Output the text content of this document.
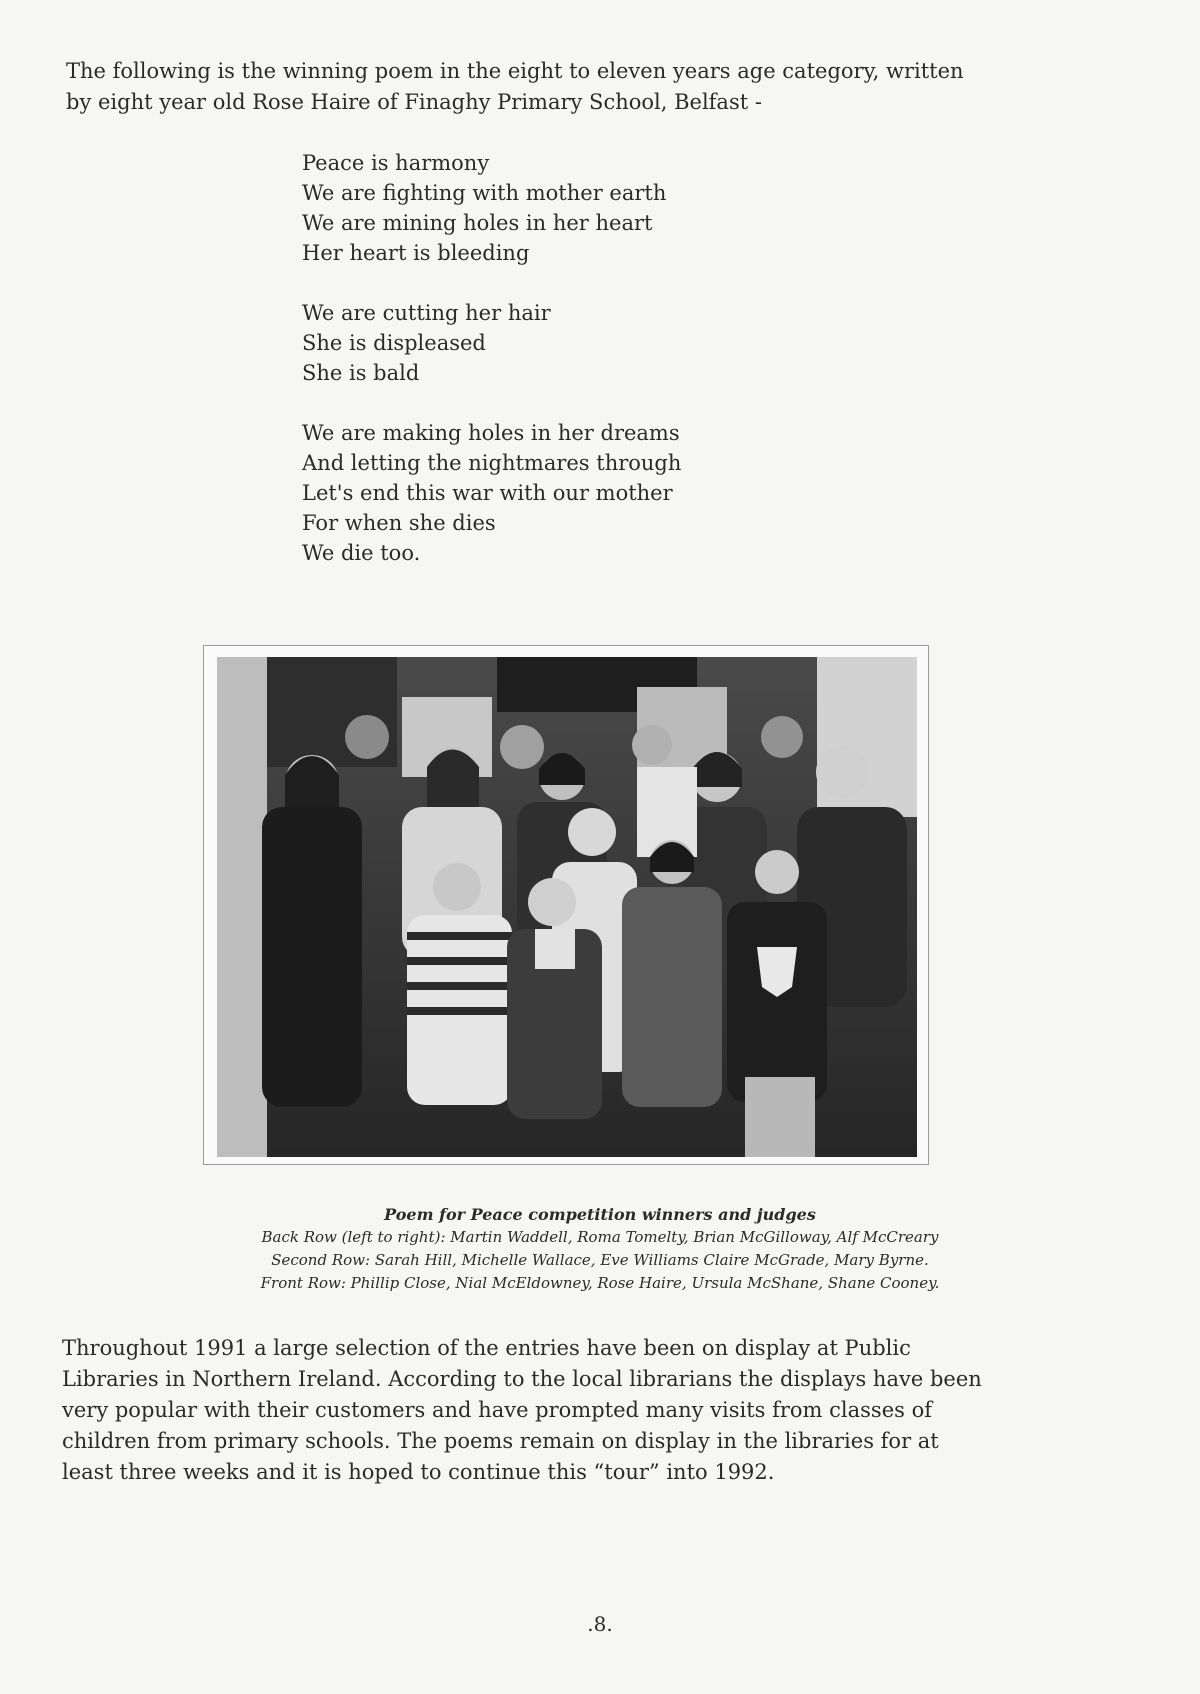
The following is the winning poem in the eight to eleven years age category, written
by eight year old Rose Haire of Finaghy Primary School, Belfast -

Peace is harmony
We are fighting with mother earth
We are mining holes in her heart
Her heart is bleeding
We are cutting her hair
She is displeased
She is bald
We are making holes in her dreams
And letting the nightmares through
Let's end this war with our mother
For when she dies
We die too.
Poem for Peace competition winners and judges
Back Row (left to right): Martin Waddell, Roma Tomelty, Brian McGilloway, Alf McCreary
Second Row: Sarah Hill, Michelle Wallace, Eve Williams Claire McGrade, Mary Byrne.
Front Row: Phillip Close, Nial McEldowney, Rose Haire, Ursula McShane, Shane Cooney.

Throughout 1991 a large selection of the entries have been on display at Public
Libraries in Northern Ireland. According to the local librarians the displays have been
very popular with their customers and have prompted many visits from classes of
children from primary schools. The poems remain on display in the libraries for at
least three weeks and it is hoped to continue this “tour” into 1992.

.8.
